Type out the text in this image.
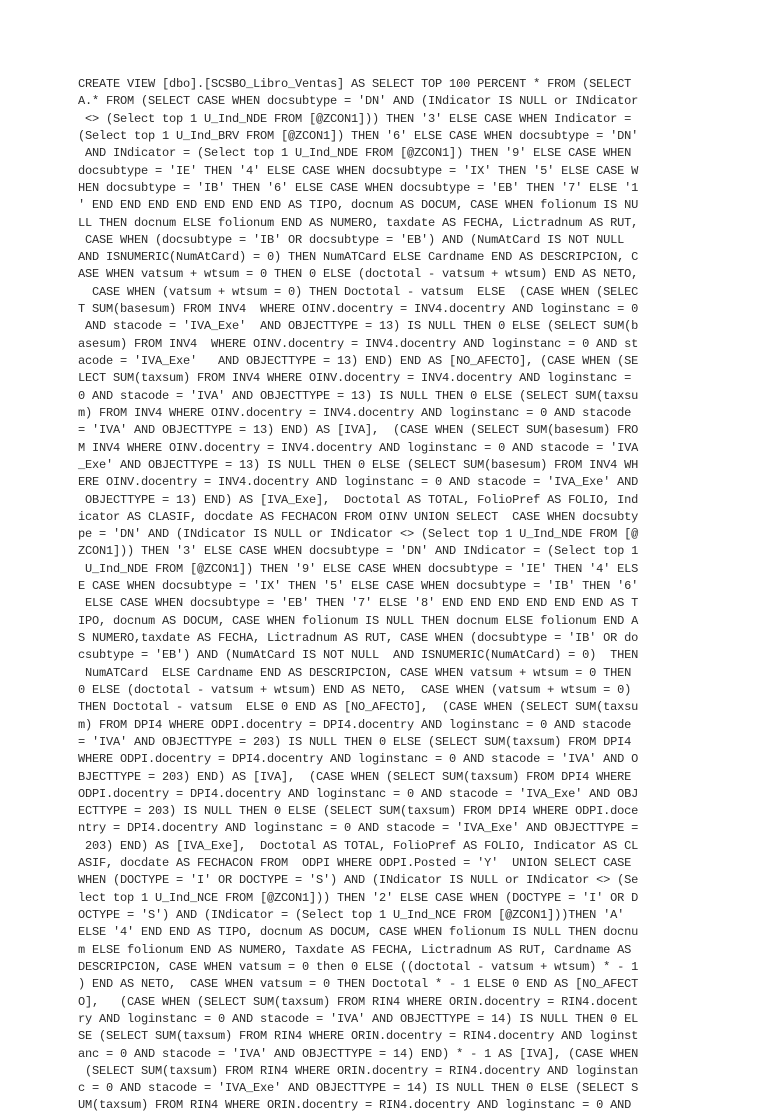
CREATE VIEW [dbo].[SCSBO_Libro_Ventas] AS SELECT TOP 100 PERCENT * FROM (SELECT
A.* FROM (SELECT CASE WHEN docsubtype = 'DN' AND (INdicator IS NULL or INdicator
<> (Select top 1 U_Ind_NDE FROM [@ZCON1])) THEN '3' ELSE CASE WHEN Indicator =
(Select top 1 U_Ind_BRV FROM [@ZCON1]) THEN '6' ELSE CASE WHEN docsubtype = 'DN'
AND INdicator = (Select top 1 U_Ind_NDE FROM [@ZCON1]) THEN '9' ELSE CASE WHEN
docsubtype = 'IE' THEN '4' ELSE CASE WHEN docsubtype = 'IX' THEN '5' ELSE CASE W
HEN docsubtype = 'IB' THEN '6' ELSE CASE WHEN docsubtype = 'EB' THEN '7' ELSE '1
' END END END END END END END AS TIPO, docnum AS DOCUM, CASE WHEN folionum IS NU
LL THEN docnum ELSE folionum END AS NUMERO, taxdate AS FECHA, Lictradnum AS RUT,
CASE WHEN (docsubtype = 'IB' OR docsubtype = 'EB') AND (NumAtCard IS NOT NULL
AND ISNUMERIC(NumAtCard) = 0) THEN NumATCard ELSE Cardname END AS DESCRIPCION, C
ASE WHEN vatsum + wtsum = 0 THEN 0 ELSE (doctotal - vatsum + wtsum) END AS NETO,
CASE WHEN (vatsum + wtsum = 0) THEN Doctotal - vatsum  ELSE  (CASE WHEN (SELEC
T SUM(basesum) FROM INV4  WHERE OINV.docentry = INV4.docentry AND loginstanc = 0
AND stacode = 'IVA_Exe'  AND OBJECTTYPE = 13) IS NULL THEN 0 ELSE (SELECT SUM(b
asesum) FROM INV4  WHERE OINV.docentry = INV4.docentry AND loginstanc = 0 AND st
acode = 'IVA_Exe'   AND OBJECTTYPE = 13) END) END AS [NO_AFECTO], (CASE WHEN (SE
LECT SUM(taxsum) FROM INV4 WHERE OINV.docentry = INV4.docentry AND loginstanc =
0 AND stacode = 'IVA' AND OBJECTTYPE = 13) IS NULL THEN 0 ELSE (SELECT SUM(taxsu
m) FROM INV4 WHERE OINV.docentry = INV4.docentry AND loginstanc = 0 AND stacode
= 'IVA' AND OBJECTTYPE = 13) END) AS [IVA],  (CASE WHEN (SELECT SUM(basesum) FRO
M INV4 WHERE OINV.docentry = INV4.docentry AND loginstanc = 0 AND stacode = 'IVA
_Exe' AND OBJECTTYPE = 13) IS NULL THEN 0 ELSE (SELECT SUM(basesum) FROM INV4 WH
ERE OINV.docentry = INV4.docentry AND loginstanc = 0 AND stacode = 'IVA_Exe' AND
OBJECTTYPE = 13) END) AS [IVA_Exe],  Doctotal AS TOTAL, FolioPref AS FOLIO, Ind
icator AS CLASIF, docdate AS FECHACON FROM OINV UNION SELECT  CASE WHEN docsubty
pe = 'DN' AND (INdicator IS NULL or INdicator <> (Select top 1 U_Ind_NDE FROM [@
ZCON1])) THEN '3' ELSE CASE WHEN docsubtype = 'DN' AND INdicator = (Select top 1
U_Ind_NDE FROM [@ZCON1]) THEN '9' ELSE CASE WHEN docsubtype = 'IE' THEN '4' ELS
E CASE WHEN docsubtype = 'IX' THEN '5' ELSE CASE WHEN docsubtype = 'IB' THEN '6'
ELSE CASE WHEN docsubtype = 'EB' THEN '7' ELSE '8' END END END END END END AS T
IPO, docnum AS DOCUM, CASE WHEN folionum IS NULL THEN docnum ELSE folionum END A
S NUMERO,taxdate AS FECHA, Lictradnum AS RUT, CASE WHEN (docsubtype = 'IB' OR do
csubtype = 'EB') AND (NumAtCard IS NOT NULL  AND ISNUMERIC(NumAtCard) = 0)  THEN
NumATCard  ELSE Cardname END AS DESCRIPCION, CASE WHEN vatsum + wtsum = 0 THEN
0 ELSE (doctotal - vatsum + wtsum) END AS NETO,  CASE WHEN (vatsum + wtsum = 0)
THEN Doctotal - vatsum  ELSE 0 END AS [NO_AFECTO],  (CASE WHEN (SELECT SUM(taxsu
m) FROM DPI4 WHERE ODPI.docentry = DPI4.docentry AND loginstanc = 0 AND stacode
= 'IVA' AND OBJECTTYPE = 203) IS NULL THEN 0 ELSE (SELECT SUM(taxsum) FROM DPI4
WHERE ODPI.docentry = DPI4.docentry AND loginstanc = 0 AND stacode = 'IVA' AND O
BJECTTYPE = 203) END) AS [IVA],  (CASE WHEN (SELECT SUM(taxsum) FROM DPI4 WHERE
ODPI.docentry = DPI4.docentry AND loginstanc = 0 AND stacode = 'IVA_Exe' AND OBJ
ECTTYPE = 203) IS NULL THEN 0 ELSE (SELECT SUM(taxsum) FROM DPI4 WHERE ODPI.doce
ntry = DPI4.docentry AND loginstanc = 0 AND stacode = 'IVA_Exe' AND OBJECTTYPE =
203) END) AS [IVA_Exe],  Doctotal AS TOTAL, FolioPref AS FOLIO, Indicator AS CL
ASIF, docdate AS FECHACON FROM  ODPI WHERE ODPI.Posted = 'Y'  UNION SELECT CASE
WHEN (DOCTYPE = 'I' OR DOCTYPE = 'S') AND (INdicator IS NULL or INdicator <> (Se
lect top 1 U_Ind_NCE FROM [@ZCON1])) THEN '2' ELSE CASE WHEN (DOCTYPE = 'I' OR D
OCTYPE = 'S') AND (INdicator = (Select top 1 U_Ind_NCE FROM [@ZCON1]))THEN 'A'
ELSE '4' END END AS TIPO, docnum AS DOCUM, CASE WHEN folionum IS NULL THEN docnu
m ELSE folionum END AS NUMERO, Taxdate AS FECHA, Lictradnum AS RUT, Cardname AS
DESCRIPCION, CASE WHEN vatsum = 0 then 0 ELSE ((doctotal - vatsum + wtsum) * - 1
) END AS NETO,  CASE WHEN vatsum = 0 THEN Doctotal * - 1 ELSE 0 END AS [NO_AFECT
O],   (CASE WHEN (SELECT SUM(taxsum) FROM RIN4 WHERE ORIN.docentry = RIN4.docent
ry AND loginstanc = 0 AND stacode = 'IVA' AND OBJECTTYPE = 14) IS NULL THEN 0 EL
SE (SELECT SUM(taxsum) FROM RIN4 WHERE ORIN.docentry = RIN4.docentry AND loginst
anc = 0 AND stacode = 'IVA' AND OBJECTTYPE = 14) END) * - 1 AS [IVA], (CASE WHEN
(SELECT SUM(taxsum) FROM RIN4 WHERE ORIN.docentry = RIN4.docentry AND loginstan
c = 0 AND stacode = 'IVA_Exe' AND OBJECTTYPE = 14) IS NULL THEN 0 ELSE (SELECT S
UM(taxsum) FROM RIN4 WHERE ORIN.docentry = RIN4.docentry AND loginstanc = 0 AND
